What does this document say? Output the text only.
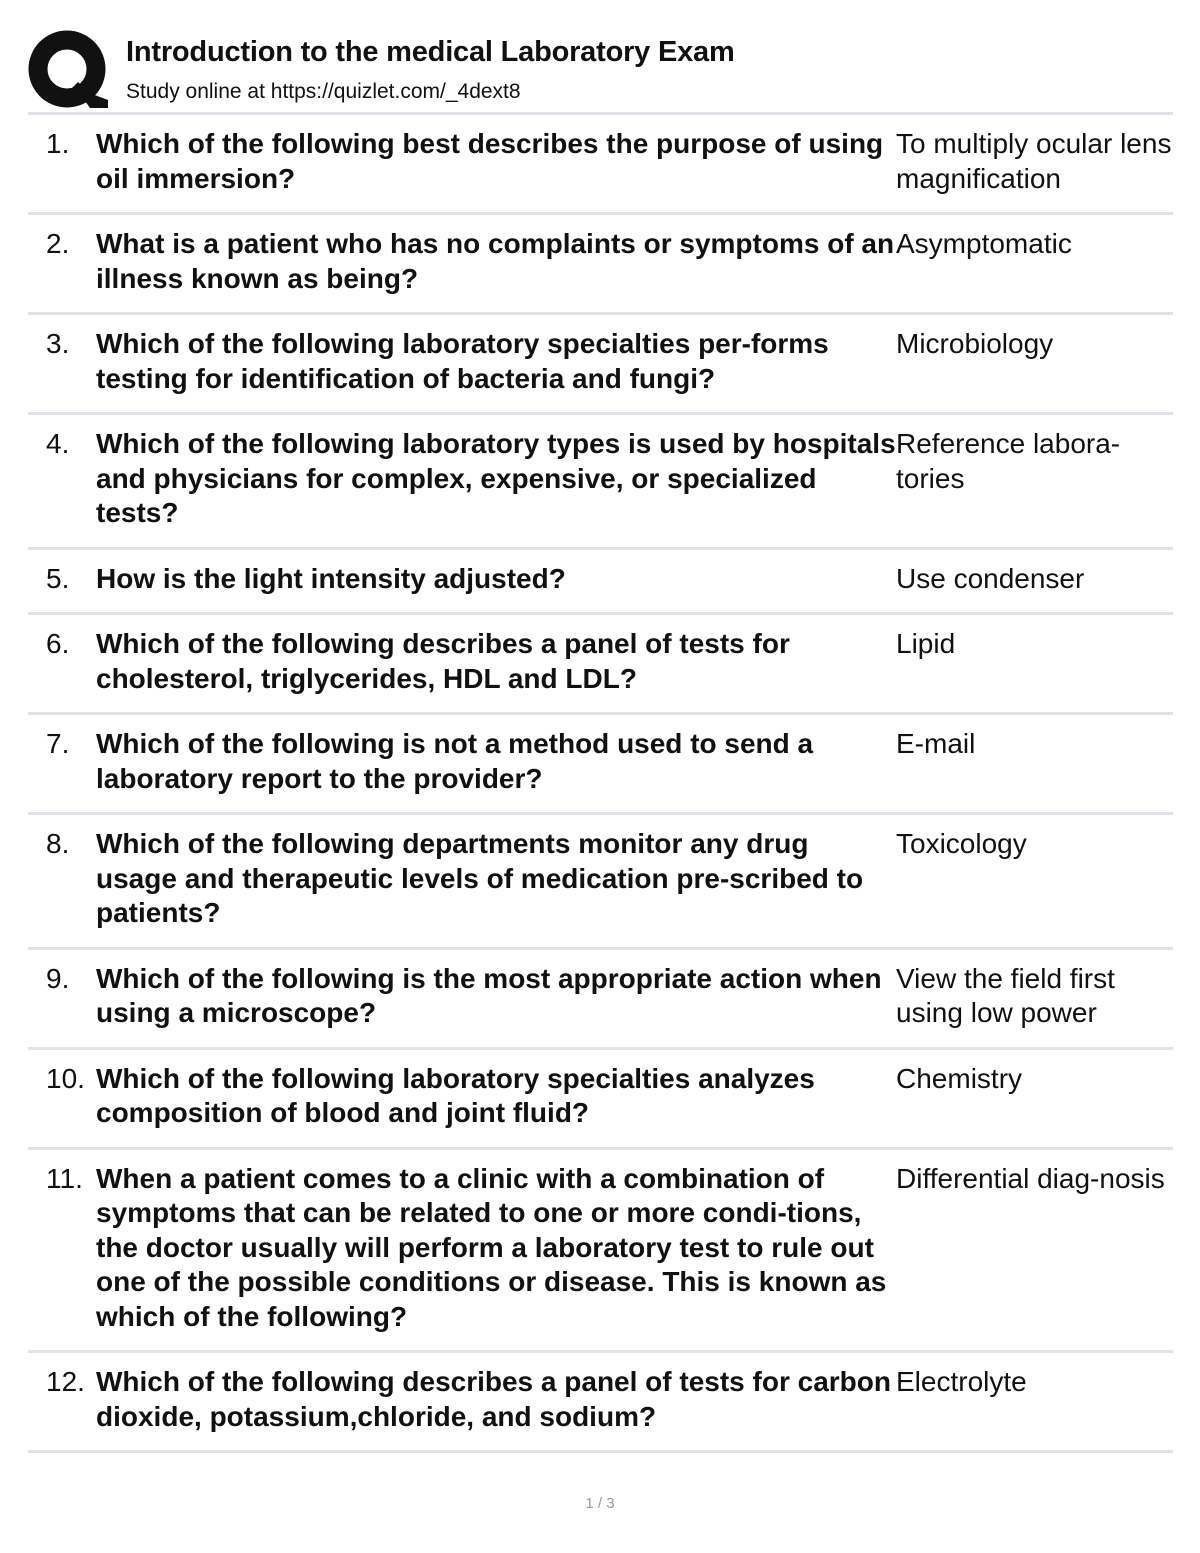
Introduction to the medical Laboratory Exam
Study online at https://quizlet.com/_4dext8
1. Which of the following best describes the purpose of using oil immersion?
To multiply ocular lens magnification
2. What is a patient who has no complaints or symptoms of an illness known as being?
Asymptomatic
3. Which of the following laboratory specialties per-forms testing for identification of bacteria and fungi?
Microbiology
4. Which of the following laboratory types is used by hospitals and physicians for complex, expensive, or specialized tests?
Reference labora-tories
5. How is the light intensity adjusted?	Use condenser
6. Which of the following describes a panel of tests for cholesterol, triglycerides, HDL and LDL?
Lipid
7. Which of the following is not a method used to send a laboratory report to the provider?
E-mail
8. Which of the following departments monitor any drug usage and therapeutic levels of medication pre-scribed to patients?
Toxicology
9. Which of the following is the most appropriate action when using a microscope?
View the field first using low power
10. Which of the following laboratory specialties analyzes composition of blood and joint fluid?
Chemistry
11. When a patient comes to a clinic with a combination of symptoms that can be related to one or more condi-tions, the doctor usually will perform a laboratory test to rule out one of the possible conditions or disease. This is known as which of the following?
Differential diag-nosis
12. Which of the following describes a panel of tests for carbon dioxide, potassium,chloride, and sodium?
Electrolyte
1 / 3
